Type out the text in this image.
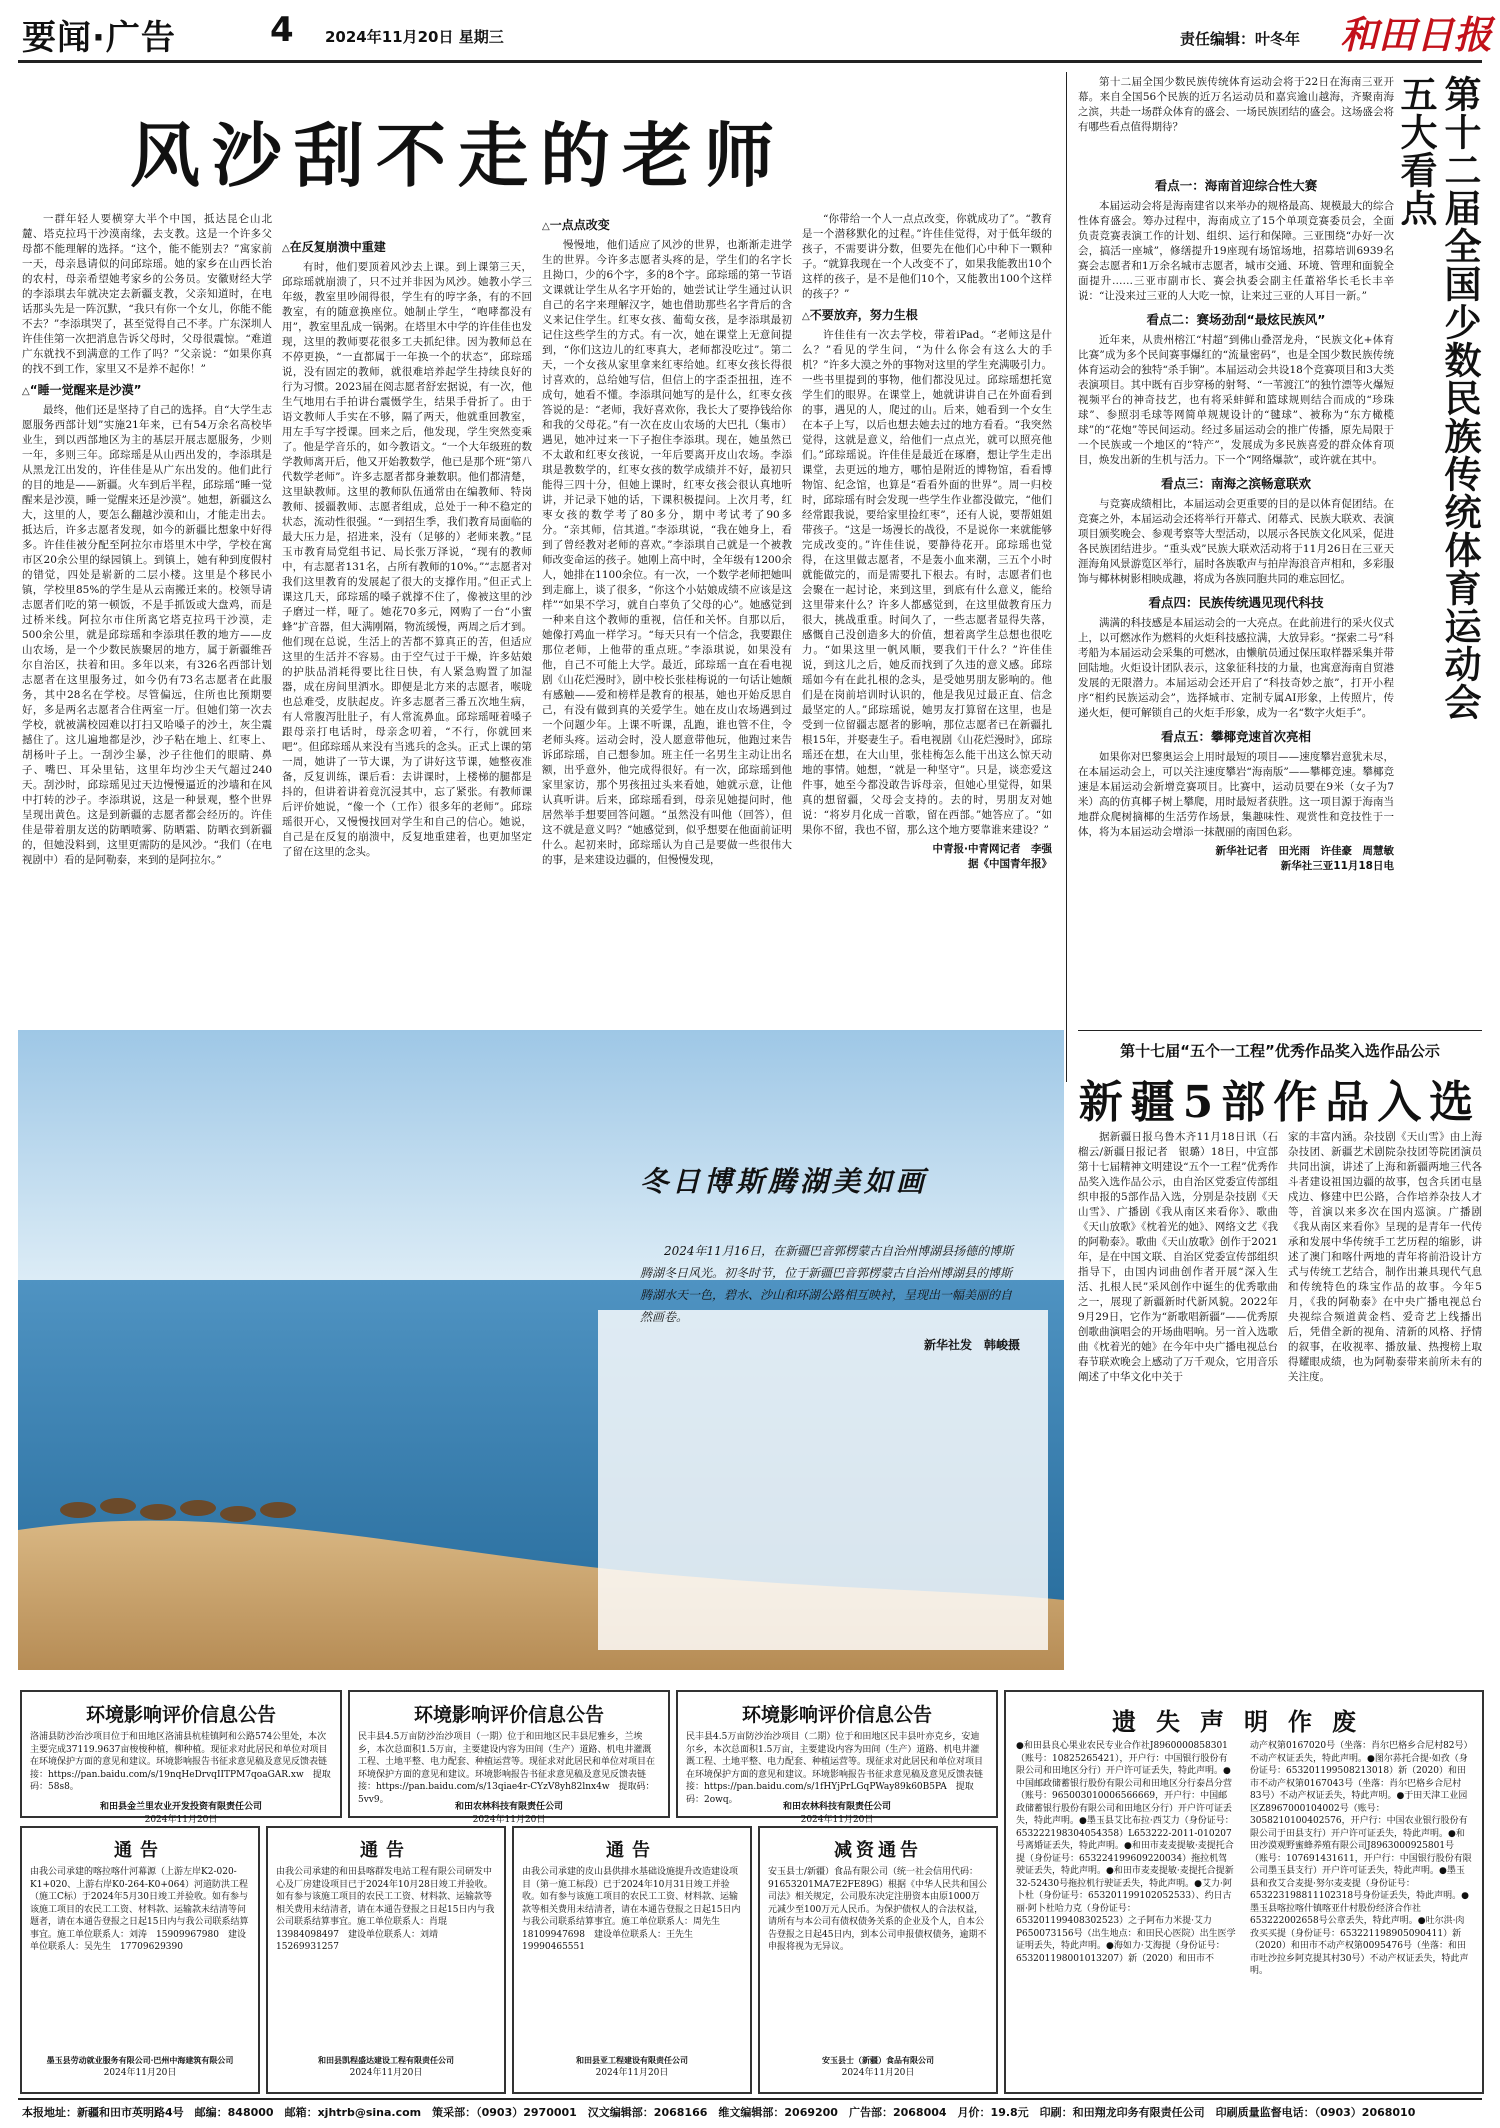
要闻·广告	4 2024年11月20日 星期三	责任编辑：叶冬年 和田日报
风沙刮不走的老师

一群年轻人要横穿大半个中国，抵达昆仑山北麓、塔克拉玛干沙漠南缘，去支教。这是一个许多父母都不能理解的选择。“这个，能不能别去？”寓家前一天，母亲恳请似的问邱琮瑶。她的家乡在山西长治的农村，母亲希望她考家乡的公务员。安徽财经大学的李添琪去年就决定去新疆支教，父亲知道时，在电话那头先是一阵沉默，“我只有你一个女儿，你能不能不去？”李添琪哭了，甚至觉得自己不孝。广东深圳人许佳佳第一次把消息告诉父母时，父母很震惊。“难道广东就找不到满意的工作了吗？”父亲说：“如果你真的找不到工作，家里又不是养不起你！”

△ “睡一觉醒来是沙漠”

最终，他们还是坚持了自己的选择。自“大学生志愿服务西部计划”实施21年来，已有54万余名高校毕业生，到以西部地区为主的基层开展志愿服务，少则一年，多则三年。邱琮瑶是从山西出发的，李添琪是从黑龙江出发的，许佳佳是从广东出发的。他们此行的目的地是——新疆。火车到后半程，邱琮瑶“睡一觉醒来是沙漠，睡一觉醒来还是沙漠”。她想，新疆这么大，这里的人，要怎么翻越沙漠和山，才能走出去。抵达后，许多志愿者发现，如今的新疆比想象中好得多。许佳佳被分配至阿拉尔市塔里木中学，学校在寓市区20余公里的绿园镇上。到镇上，她有种到度假村的错觉，四处是崭新的二层小楼。这里是个移民小镇，学校里85%的学生是从云南搬迁来的。校领导请志愿者们吃的第一顿饭，不是手抓饭或大盘鸡，而是过桥米线。阿拉尔市住所离它塔克拉玛干沙漠，走500余公里，就是邱琮瑶和李添琪任教的地方——皮山农场，是一个少数民族聚居的地方，属于新疆维吾尔自治区，扶着和田。多年以来，有326名西部计划志愿者在这里服务过，如今仍有73名志愿者在此服务，其中28名在学校。尽管偏远，住所也比预期要好，多是两名志愿者合住两室一厅。但她们第一次去学校，就被满校园难以打扫又哈嗓子的沙土，灰尘震撼住了。这儿遍地都是沙，沙子粘在地上、红枣上、胡杨叶子上。一刮沙尘暴，沙子往他们的眼睛、鼻子、嘴巴、耳朵里钻，这里年均沙尘天气超过240天。刮沙时，邱琮瑶见过天边慢慢逼近的沙墙和在风中打转的沙子。李添琪说，这是一种景观，整个世界呈现出黄色。这是到新疆的志愿者都会经历的。许佳佳是带着朋友送的防晒喷雾、防晒霜、防晒衣到新疆的，但她没料到，这里更需防的是风沙。“我们（在电视剧中）看的是阿勒泰，来到的是阿拉尔。”

△ 在反复崩溃中重建

有时，他们要顶着风沙去上课。到上课第三天，邱琮瑶就崩溃了，只不过并非因为风沙。她教小学三年级，教室里吵闹得很，学生有的哼字条，有的不回教室，有的随意换座位。她制止学生，“咆哮都没有用”，教室里乱成一锅粥。在塔里木中学的许佳佳也发现，这里的教师要花很多工夫抓纪律。因为教师总在不停更换，“一直都属于一年换一个的状态”，邱琮瑶说，没有固定的教师，就很难培养起学生持续良好的行为习惯。2023届在阅志愿者舒宏据说，有一次，他生气地用右手拍讲台震慑学生，结果手骨折了。由于语文教师人手实在不够，隔了两天，他就重回教室，用左手写字授课。回来之后，他发现，学生突然变乘了。他是学音乐的，如今教语文。“一个大年级班的数学教师离开后，他又开始教数学，他已是那个班“第八代数学老师”。许多志愿者都身兼数职。他们都清楚，这里缺教师。这里的教师队伍通常由在编教师、特岗教师、援疆教师、志愿者组成，总处于一种不稳定的状态，流动性很强。“一到招生季，我们教育局面临的最大压力是，招进来，没有（足够的）老师来教。”昆玉市教育局党组书记、局长张万泽说，“现有的教师中，有志愿者131名，占所有教师的10%。”“志愿者对我们这里教育的发展起了很大的支撑作用。”但正式上课这几天，邱琮瑶的嗓子就撑不住了，像被这里的沙子磨过一样，哑了。她花70多元，网购了一台“小蜜蜂”扩音器，但大满刚隔，物流缓慢，两周之后才到。他们现在总说，生活上的苦都不算真正的苦，但适应这里的生活并不容易。由于空气过于干燥，许多姑娘的护肤品消耗得要比往日快，有人紧急购置了加湿器，成在房间里洒水。即便是北方来的志愿者，喉咙也总难受，皮肤起皮。许多志愿者三番五次地生病，有人常腹泻肚肚子，有人常流鼻血。邱琮瑶哑着嗓子跟母亲打电话时，母亲念叨着，“不行，你就回来吧”。但邱琮瑶从来没有当逃兵的念头。正式上课的第一周，她讲了一节大课，为了讲好这节课，她整夜准备，反复训练，课后看：去讲课时，上楼梯的腿都是抖的，但讲着讲着竟沉浸其中，忘了紧张。有教师课后评价她说，“像一个（工作）很多年的老师”。邱琮瑶很开心，又慢慢找回对学生和自己的信心。她说，自己是在反复的崩溃中，反复地重建着，也更加坚定了留在这里的念头。

△ 一点点改变

慢慢地，他们适应了风沙的世界，也渐渐走进学生的世界。今许多志愿者头疼的是，学生们的名字长且拗口，少的6个字，多的8个字。邱琮瑶的第一节语文课就让学生从名字开始的，她尝试让学生通过认识自己的名字来理解汉字，她也借助那些名字背后的含义来记住学生。红枣女孩、葡萄女孩，是李添琪最初记住这些学生的方式。有一次，她在课堂上无意间提到，“你们这边儿的红枣真大，老师都没吃过”。第二天，一个女孩从家里拿来红枣给她。红枣女孩长得很讨喜欢的，总给她写信，但信上的字歪歪扭扭，连不成句，她看不懂。李添琪问她写的是什么，红枣女孩答说的是：“老师，我好喜欢你，我长大了要挣钱给你和我的父母花。”有一次在皮山农场的大巴扎（集市）遇见，她冲过来一下子抱住李添琪。现在，她虽然已不太敢和红枣女孩说，一年后要离开皮山农场。李添琪是教数学的，红枣女孩的数学成绩并不好，最初只能得三四十分，但她上课时，红枣女孩会很认真地听讲，并记录下她的话，下课积极提问。上次月考，红枣女孩的数学考了80多分，期中考试考了90多分。“亲其师，信其道。”李添琪说，“我在她身上，看到了曾经教对老师的喜欢。”李添琪自己就是一个被教师改变命运的孩子。她刚上高中时，全年级有1200余人，她排在1100余位。有一次，一个数学老师把她叫到走廊上，谈了很多，“你这个小姑娘成绩不应该是这样”“如果不学习，就自白辜负了父母的心”。她感觉到一种来自这个教师的重视，信任和关怀。自那以后，她像打鸡血一样学习。“每天只有一个信念，我要跟住那位老师，上他带的重点班。”李添琪说，如果没有他，自己不可能上大学。最近，邱琮瑶一直在看电视剧《山花烂漫时》，剧中校长张桂梅说的一句话让她颇有感触——爱和榜样是教育的根基，她也开始反思自己，有没有做到真的关爱学生。她在皮山农场遇到过一个问题少年。上课不听课，乱跑，谁也管不住，令老师头疼。运动会时，没人愿意带他玩，他跑过来告诉邱琮瑶，自己想参加。班主任一名男生主动让出名额，出乎意外，他完成得很好。有一次，邱琮瑶到他家里家访，那个男孩扭过头来看她，她就示意，让他认真听讲。后来，邱琮瑶看到，母亲见她提问时，他居然举手想要回答问题。“虽然没有叫他（回答），但这不就是意义吗？”她感觉到，似乎想要在他面前证明什么。起初来时，邱琮瑶认为自己是要做一些很伟大的事，是来建设边疆的，但慢慢发现，

“你带给一个人一点点改变，你就成功了”。“教育是一个潜移默化的过程。”许佳佳觉得，对于低年级的孩子，不需要讲分数，但要先在他们心中种下一颗种子。“就算我现在一个人改变不了，如果我能教出10个这样的孩子，是不是他们10个，又能教出100个这样的孩子？”

△ 不要放弃，努力生根

许佳佳有一次去学校，带着iPad。“老师这是什么？”看见的学生问，“为什么你会有这么大的手机？”许多大漠之外的事物对这里的学生充满吸引力。一些书里提到的事物，他们都没见过。邱琮瑶想托宽学生们的眼界。在课堂上，她就讲讲自己在外面看到的事，遇见的人，爬过的山。后来，她看到一个女生在本子上写，以后也想去她去过的地方看看。“我突然觉得，这就是意义，给他们一点点光，就可以照亮他们。”邱琮瑶说。许佳佳是最近在琢磨，想让学生走出课堂，去更远的地方，哪怕是附近的博物馆，看看博物馆、纪念馆，也算是“看看外面的世界”。周一归校时，邱琮瑶有时会发现一些学生作业都没做完，“他们经常跟我说，要给家里捡红枣”，还有人说，要帮姐姐带孩子。“这是一场漫长的战役，不是说你一来就能够完成改变的。”许佳佳说，要静待花开。邱琮瑶也觉得，在这里做志愿者，不是轰小血来潮，三五个小时就能做完的，而是需要扎下根去。有时，志愿者们也会聚在一起讨论，来到这里，到底有什么意义，能给这里带来什么？许多人都感觉到，在这里做教育压力很大，挑战重重。时间久了，一些志愿者显得失落，感慨自己没创造多大的价值，想着离学生总想也很吃力。“如果这里一帆风顺，要我们干什么？”许佳佳说，到这儿之后，她反而找到了久违的意义感。邱琮瑶如今有在此扎根的念头，是受她男朋友影响的。他们是在岗前培训时认识的，他是我见过最正直、信念最坚定的人。”邱琮瑶说，她男友打算留在这里，也是受到一位留疆志愿者的影响，那位志愿者已在新疆扎根15年，并娶妻生子。看电视剧《山花烂漫时》，邱琮瑶还在想，在大山里，张桂梅怎么能干出这么惊天动地的事情。她想，“就是一种坚守”。只是，谈恋爱这件事，她至今都没敢告诉母亲，但她心里觉得，如果真的想留疆，父母会支持的。去的时，男朋友对她说：“将岁月化成一首歌，留在西部。”她答应了。“如果你不留，我也不留，那么这个地方要靠谁来建设？”

中青报·中青网记者　李强
据《中国青年报》
第十二届全国少数民族传统体育运动会五大看点

第十二届全国少数民族传统体育运动会将于22日在海南三亚开幕。来自全国56个民族的近万名运动员和嘉宾逾山越海，齐聚南海之滨，共赴一场群众体育的盛会、一场民族团结的盛会。这场盛会将有哪些看点值得期待？

看点一：海南首迎综合性大赛

本届运动会将是海南建省以来举办的规格最高、规模最大的综合性体育盛会。筹办过程中，海南成立了15个单项竞赛委员会，全面负责竞赛表演工作的计划、组织、运行和保障。三亚围绕“办好一次会，搞活一座城”，修缮提升19座现有场馆场地，招募培训6939名赛会志愿者和1万余名城市志愿者，城市交通、环境、管理和面貌全面提升……三亚市副市长、赛会执委会副主任董裕华长毛长丰辛说：“让没来过三亚的人大吃一惊，让来过三亚的人耳目一新。”

看点二：赛场劲刮“最炫民族风”

近年来，从贵州榕江“村超”到佛山叠滘龙舟，“民族文化+体育比赛”成为多个民间赛事爆红的“流量密码”，也是全国少数民族传统体育运动会的独特“杀手锏”。本届运动会共设18个竞赛项目和3大类表演项目。其中既有百步穿杨的射弩、“一苇渡江”的独竹漂等火爆短视频平台的神奇技艺，也有将采蚌鲜和篮球规则结合而成的“珍珠球”、参照羽毛球等网简单规规设计的“毽球”、被称为“东方橄榄球”的“花炮”等民间运动。经过多届运动会的推广传播，原先局限于一个民族或一个地区的“特产”，发展成为多民族喜爱的群众体育项目，焕发出新的生机与活力。下一个“网络爆款”，或许就在其中。

看点三：南海之滨畅意联欢

与竞赛成绩相比，本届运动会更重要的目的是以体育促团结。在竞赛之外，本届运动会还将举行开幕式、闭幕式、民族大联欢、表演项目颁奖晚会、参观考察等大型活动，以展示各民族文化风采，促进各民族团结进步。“重头戏”民族大联欢活动将于11月26日在三亚天涯海角风景游览区举行，届时各族歌声与拍岸海浪音声相和，多彩服饰与椰林树影相映成趣，将成为各族同胞共同的难忘回忆。

看点四：民族传统遇见现代科技

满满的科技感是本届运动会的一大亮点。在此前进行的采火仪式上，以可燃冰作为燃料的火炬科技感拉满，大放异彩。“探索二号”科考船为本届运动会采集的可燃冰，由懒航员通过保压取样器采集并带回陆地。火炬设计团队表示，这象征科技的力量，也寓意海南自贸港发展的无限潜力。本届运动会还开启了“科技奇妙之旅”，打开小程序“相约民族运动会”，选择城市、定制专属AI形象，上传照片，传递火炬，便可解锁自己的火炬手形象，成为一名“数字火炬手”。

看点五：攀椰竞速首次亮相

如果你对巴黎奥运会上用时最短的项目——速度攀岩意犹未尽，在本届运动会上，可以关注速度攀岩“海南版”——攀椰竞速。攀椰竞速是本届运动会新增竞赛项目。比赛中，运动员要在9米（女子为7米）高的仿真椰子树上攀爬，用时最短者获胜。这一项目源于海南当地群众爬树摘椰的生活劳作场景，集趣味性、观赏性和竞技性于一体，将为本届运动会增添一抹靓丽的南国色彩。

新华社记者　田光雨　许佳豪　周慧敏
新华社三亚11月18日电
第十七届“五个一工程”优秀作品奖入选作品公示
新疆5部作品入选

据新疆日报乌鲁木齐11月18日讯（石榴云/新疆日报记者　银璐）18日，中宣部第十七届精神文明建设“五个一工程”优秀作品奖入选作品公示，由自治区党委宣传部组织申报的5部作品入选，分别是杂技剧《天山雪》、广播剧《我从南区来看你》、歌曲《天山放歌》《枕着光的她》、网络文艺《我的阿勒泰》。歌曲《天山放歌》创作于2021年，是在中国文联、自治区党委宣传部组织指导下，由国内词曲创作者开展“深入生活、扎根人民”采风创作中诞生的优秀歌曲之一，展现了新疆新时代新风貌。2022年9月29日，它作为“新歌唱新疆”——优秀原创歌曲演唱会的开场曲唱响。另一首入选歌曲《枕着光的她》在今年中央广播电视总台春节联欢晚会上感动了万千观众，它用音乐阐述了中华文化中关于

家的丰富内涵。杂技剧《天山雪》由上海杂技团、新疆艺术剧院杂技团等院团演员共同出演，讲述了上海和新疆两地三代各斗者建设祖国边疆的故事，包含兵团屯垦戍边、修建中巴公路，合作培养杂技人才等，首演以来多次在国内巡演。广播剧《我从南区来看你》呈现的是青年一代传承和发展中华传统手工艺历程的缩影，讲述了澳门和喀什两地的青年将前沿设计方式与传统工艺结合，制作出兼具现代气息和传统特色的珠宝作品的故事。今年5月，《我的阿勒泰》在中央广播电视总台央视综合频道黄金档、爱奇艺上线播出后，凭借全新的视角、清新的风格、抒情的叙事，在收视率、播放量、热搜榜上取得耀眼成绩，也为阿勒泰带来前所未有的关注度。

冬日博斯腾湖美如画

2024年11月16日，在新疆巴音郭楞蒙古自治州博湖县扬德的博斯腾湖冬日风光。初冬时节，位于新疆巴音郭楞蒙古自治州博湖县的博斯腾湖水天一色，碧水、沙山和环湖公路相互映衬，呈现出一幅美丽的自然画卷。

新华社发　韩峻摄
环境影响评价信息公告
洛浦县防沙治沙项目位于和田地区洛浦县杭桂镇阿和公路574公里处，本次主要完成37119.9637亩梭梭种植，柳种植。现征求对此居民和单位对项目在环境保护方面的意见和建议。环境影响报告书征求意见稿及意见反馈表链接：https://pan.baidu.com/s/19nqHeDrvqIITPM7qoaGAR.xw　提取码：58s8。
和田县金兰里农业开发投资有限责任公司
2024年11月20日
环境影响评价信息公告
民丰县4.5万亩防沙治沙项目（一期）位于和田地区民丰县尼雅乡，兰埃乡，本次总面积1.5万亩，主要建设内容为田间（生产）道路、机电井灌溉工程、土地平整、电力配套、种植运营等。现征求对此居民和单位对项目在环境保护方面的意见和建议。环境影响报告书征求意见稿及意见反馈表链接：https://pan.baidu.com/s/13qiae4r-CYzV8yh82lnx4w　提取码：5vv9。
和田农林科技有限责任公司
2024年11月20日
环境影响评价信息公告
民丰县4.5万亩防沙治沙项目（二期）位于和田地区民丰县叶亦克乡，安迪尔乡，本次总面积1.5万亩，主要建设内容为田间（生产）道路、机电井灌溉工程、土地平整、电力配套、种植运营等。现征求对此居民和单位对项目在环境保护方面的意见和建议。环境影响报告书征求意见稿及意见反馈表链接：https://pan.baidu.com/s/1fHYjPrLGqPWay89k60B5PA　提取码：2owq。
和田农林科技有限责任公司
2024年11月20日
遗失声明作废
●和田县良心果业农民专业合作社J8960000858301（账号：10825265421），开户行：中国银行股份有限公司和田地区分行）开户许可证丢失，特此声明。●中国邮政储蓄银行股份有限公司和田地区分行泰昌分营（账号：965003010006566669，开户行：中国邮政储蓄银行股份有限公司和田地区分行）开户许可证丢失，特此声明。●墨玉县艾比布拉·西艾力（身份证号：653222198304054358）L653222-2011-010207号离婚证丢失，特此声明。●和田市麦麦提敏·麦提托合提（身份证号：653224199609220034）拖拉机驾驶证丢失，特此声明。●和田市麦麦提敏·麦提托合提新32-52430号拖拉机行驶证丢失，特此声明。●艾力·阿卜杜（身份证号：653201199102052533）、约日古丽·阿卜杜哈力克（身份证号：653201199408302523）之子阿布力米提·艾力P650073156号（出生地点：和田民心医院）出生医学证明丢失，特此声明。●海如力·艾海提（身份证号：653201198001013207）新（2020）和田市不
动产权第0167020号（坐落：肖尔巴格乡合尼村82号）不动产权证丢失，特此声明。●图尔荪托合提·如孜（身份证号：653201199508213018）新（2020）和田市不动产权第0167043号（坐落：肖尔巴格乡合尼村83号）不动产权证丢失，特此声明。●于田天津工业园区Z8967000104002号（账号：3058210100402576，开户行：中国农业银行股份有限公司于田县支行）开户许可证丢失，特此声明。●和田沙漠观野蜜蜂养殖有限公司J8963000925801号（账号：107691431611，开户行：中国银行股份有限公司墨玉县支行）开户许可证丢失，特此声明。●墨玉县和孜艾合麦提·努尔麦麦提（身份证号：653223198811102318号身份证丢失，特此声明。●墨玉县喀拉喀什镇喀亚什村股份经济合作社653222002658号公章丢失，特此声明。●吐尔洪·肉孜买买提（身份证号：653221198905090411）新（2020）和田市不动产权第0095476号（坐落：和田市吐沙拉乡阿克提其村30号）不动产权证丢失，特此声明。
通告
由我公司承建的喀拉喀什河幕源（上游左岸K2-020-K1+020、上游右岸K0-264-K0+064）河道防洪工程（施工C标）于2024年5月30日竣工并验收。如有参与该施工项目的农民工工资、材料款、运输款未结清等问题者，请在本通告登报之日起15日内与我公司联系结算事宜。施工单位联系人：刘涛　15909967980　建设单位联系人：吴先生　17709629390
墨玉县劳动就业服务有限公司·巴州中海建筑有限公司
2024年11月20日
通告
由我公司承建的和田县喀群发电站工程有限公司研发中心及厂房建设项目已于2024年10月28日竣工并验收。如有参与该施工项目的农民工工资、材料款、运输款等相关费用未结清者，请在本通告登报之日起15日内与我公司联系结算事宜。施工单位联系人：肖琨 13984098497　建设单位联系人：刘靖 15269931257
和田县凯程盛达建设工程有限责任公司
2024年11月20日
通告
由我公司承建的皮山县供排水基础设施提升改造建设项目（第一施工标段）已于2024年10月31日竣工并验收。如有参与该施工项目的农民工工资、材料款、运输款等相关费用未结清者，请在本通告登报之日起15日内与我公司联系结算事宜。施工单位联系人：周先生　18109947698　建设单位联系人：王先生　19990465551
和田县亚工程建设有限责任公司
2024年11月20日
减资通告
安玉县士/新疆）食品有限公司（统一社会信用代码：91653201MA7E2FE89G）根据《中华人民共和国公司法》相关规定，公司股东决定注册资本由原1000万元减少至100万元人民币。为保护债权人的合法权益，请所有与本公司有债权债务关系的企业及个人，自本公告登报之日起45日内，到本公司申报债权债务，逾期不申报将视为无异议。
安玉县士（新疆）食品有限公司
2024年11月20日
本报地址：新疆和田市英明路4号　邮编：848000　邮箱：xjhtrb@sina.com　策采部：（0903）2970001　汉文编辑部：2068166　维文编辑部：2069200　广告部：2068004　月价：19.8元　印刷：和田翔龙印务有限责任公司　印刷质量监督电话：（0903）2068010
